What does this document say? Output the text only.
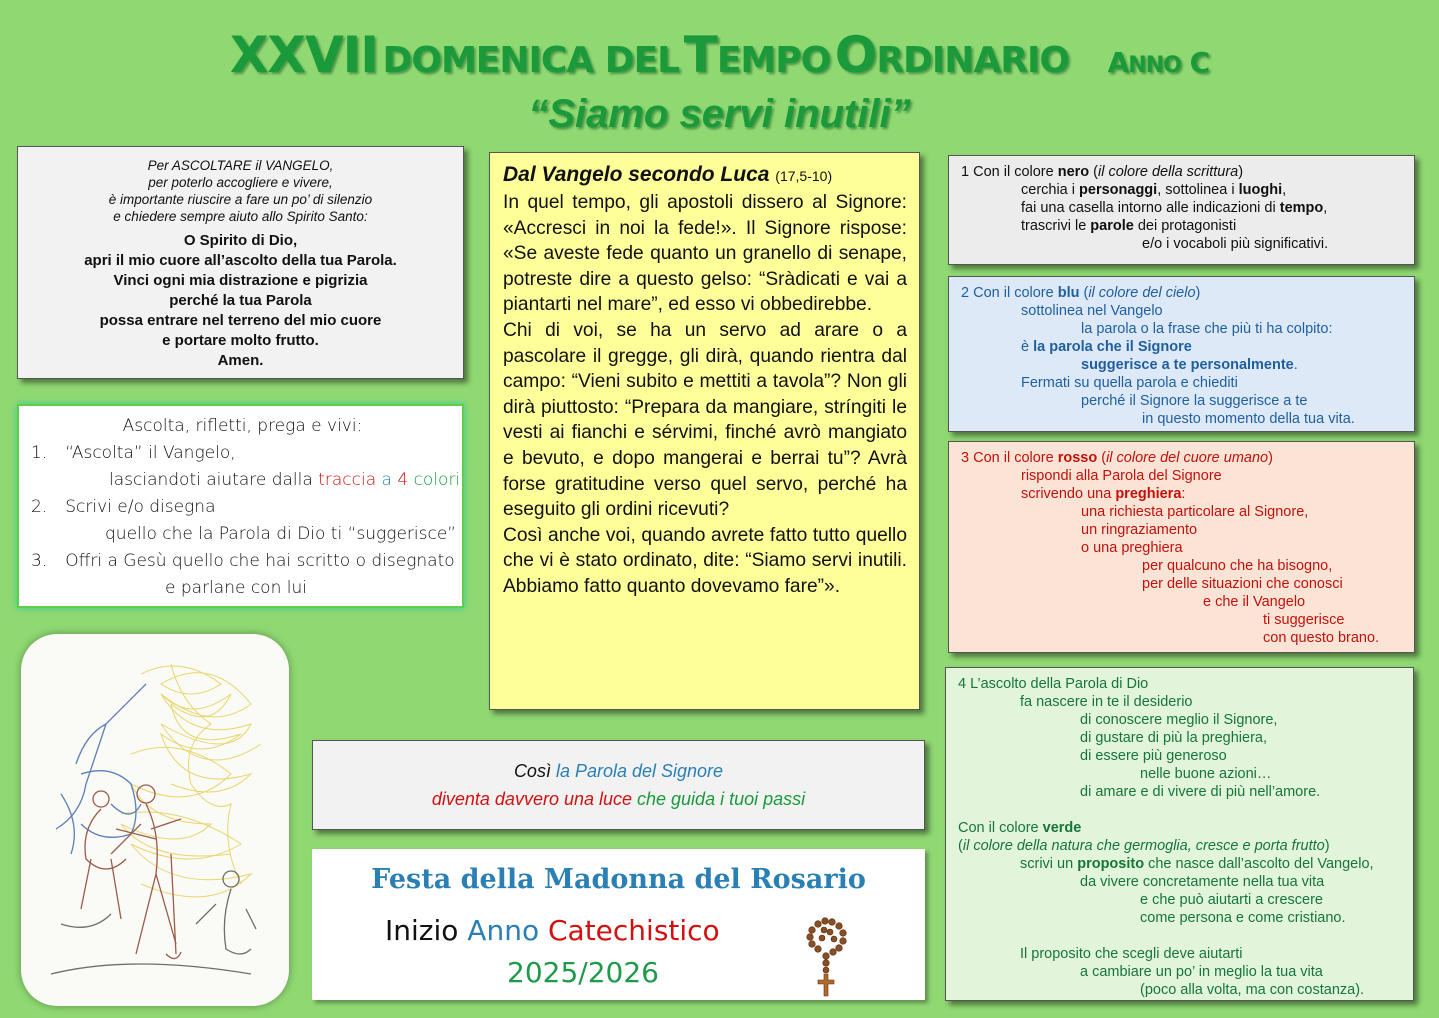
XXVII DOMENICA DEL TEMPO ORDINARIO ANNO C
“Siamo servi inutili”
Per ASCOLTARE il VANGELO,
per poterlo accogliere e vivere,
è importante riuscire a fare un po’ di silenzio
e chiedere sempre aiuto allo Spirito Santo:
O Spirito di Dio,
apri il mio cuore all’ascolto della tua Parola.
Vinci ogni mia distrazione e pigrizia
perché la tua Parola
possa entrare nel terreno del mio cuore
e portare molto frutto.
Amen.
Ascolta, rifletti, prega e vivi:
1. “Ascolta” il Vangelo,
lasciandoti aiutare dalla traccia a 4 colori
2. Scrivi e/o disegna
quello che la Parola di Dio ti “suggerisce”
3. Offri a Gesù quello che hai scritto o disegnato
e parlane con lui
Dal Vangelo secondo Luca (17,5-10)
In quel tempo, gli apostoli dissero al Signore: «Accresci in noi la fede!». Il Signore rispose: «Se aveste fede quanto un granello di senape, potreste dire a questo gelso: “Sràdicati e vai a piantarti nel mare”, ed esso vi obbedirebbe.
Chi di voi, se ha un servo ad arare o a pascolare il gregge, gli dirà, quando rientra dal campo: “Vieni subito e mettiti a tavola”? Non gli dirà piuttosto: “Prepara da mangiare, stríngiti le vesti ai fianchi e sérvimi, finché avrò mangiato e bevuto, e dopo mangerai e berrai tu”? Avrà forse gratitudine verso quel servo, perché ha eseguito gli ordini ricevuti?
Così anche voi, quando avrete fatto tutto quello che vi è stato ordinato, dite: “Siamo servi inutili. Abbiamo fatto quanto dovevamo fare”».
Così la Parola del Signore
diventa davvero una luce che guida i tuoi passi
Festa della Madonna del Rosario
Inizio Anno Catechistico
2025/2026
1 Con il colore nero (il colore della scrittura)
cerchia i personaggi, sottolinea i luoghi,
fai una casella intorno alle indicazioni di tempo,
trascrivi le parole dei protagonisti
e/o i vocaboli più significativi.
2 Con il colore blu (il colore del cielo)
sottolinea nel Vangelo
la parola o la frase che più ti ha colpito:
è la parola che il Signore
suggerisce a te personalmente.
Fermati su quella parola e chiediti
perché il Signore la suggerisce a te
in questo momento della tua vita.
3 Con il colore rosso (il colore del cuore umano)
rispondi alla Parola del Signore
scrivendo una preghiera:
una richiesta particolare al Signore,
un ringraziamento
o una preghiera
per qualcuno che ha bisogno,
per delle situazioni che conosci
e che il Vangelo
ti suggerisce
con questo brano.
4 L’ascolto della Parola di Dio
fa nascere in te il desiderio
di conoscere meglio il Signore,
di gustare di più la preghiera,
di essere più generoso
nelle buone azioni…
di amare e di vivere di più nell’amore.
Con il colore verde
(il colore della natura che germoglia, cresce e porta frutto)
scrivi un proposito che nasce dall’ascolto del Vangelo,
da vivere concretamente nella tua vita
e che può aiutarti a crescere
come persona e come cristiano.
Il proposito che scegli deve aiutarti
a cambiare un po’ in meglio la tua vita
(poco alla volta, ma con costanza).
